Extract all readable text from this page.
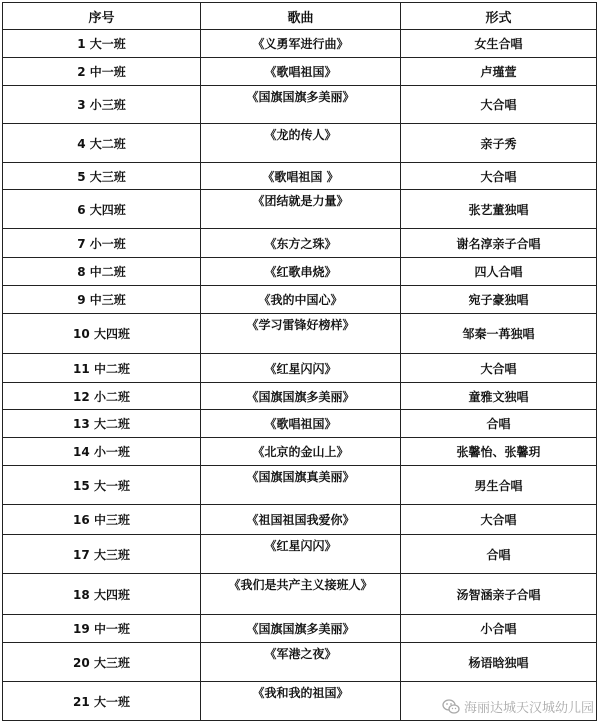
序号	歌曲	形式
1 大一班	《义勇军进行曲》	女生合唱
2 中一班	《歌唱祖国》	卢瑾萱
3 小三班	《国旗国旗多美丽》	大合唱
4 大二班	《龙的传人》	亲子秀
5 大三班	《歌唱祖国 》	大合唱
6 大四班	《团结就是力量》	张艺董独唱
7 小一班	《东方之珠》	谢名淳亲子合唱
8 中二班	《红歌串烧》	四人合唱
9 中三班	《我的中国心》	宛子豪独唱
10 大四班	《学习雷锋好榜样》	邹秦一苒独唱
11 中二班	《红星闪闪》	大合唱
12 小二班	《国旗国旗多美丽》	童雅文独唱
13 大二班	《歌唱祖国》	合唱
14 小一班	《北京的金山上》	张馨怡、张馨玥
15 大一班	《国旗国旗真美丽》	男生合唱
16 中三班	《祖国祖国我爱你》	大合唱
17 大三班	《红星闪闪》	合唱
18 大四班	《我们是共产主义接班人》	汤智涵亲子合唱
19 中一班	《国旗国旗多美丽》	小合唱
20 大三班	《军港之夜》	杨语晗独唱
21 大一班	《我和我的祖国》	
海丽达城天汉城幼儿园
